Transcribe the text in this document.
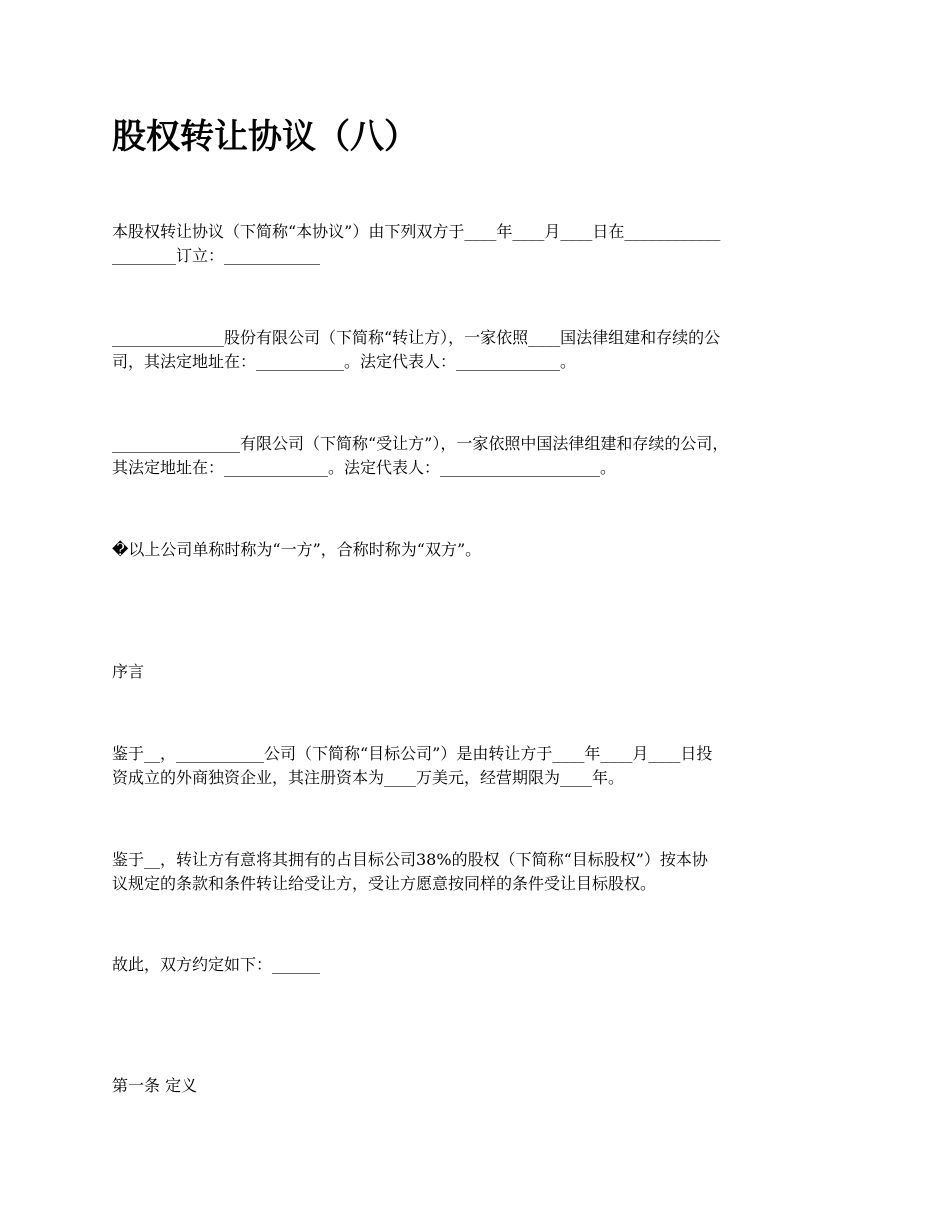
股权转让协议（八）

本股权转让协议（下简称“本协议”）由下列双方于____年____月____日在____________
________订立：____________

______________股份有限公司（下简称“转让方），一家依照____国法律组建和存续的公
司，其法定地址在：___________。法定代表人：_____________。

________________有限公司（下简称“受让方”），一家依照中国法律组建和存续的公司，
其法定地址在：_____________。法定代表人：____________________。

�以上公司单称时称为“一方”，合称时称为“双方”。

序言

鉴于__，___________公司（下简称“目标公司”）是由转让方于____年____月____日投
资成立的外商独资企业，其注册资本为____万美元，经营期限为____年。

鉴于__，转让方有意将其拥有的占目标公司38%的股权（下简称“目标股权”）按本协
议规定的条款和条件转让给受让方，受让方愿意按同样的条件受让目标股权。

故此，双方约定如下：______

第一条 定义
